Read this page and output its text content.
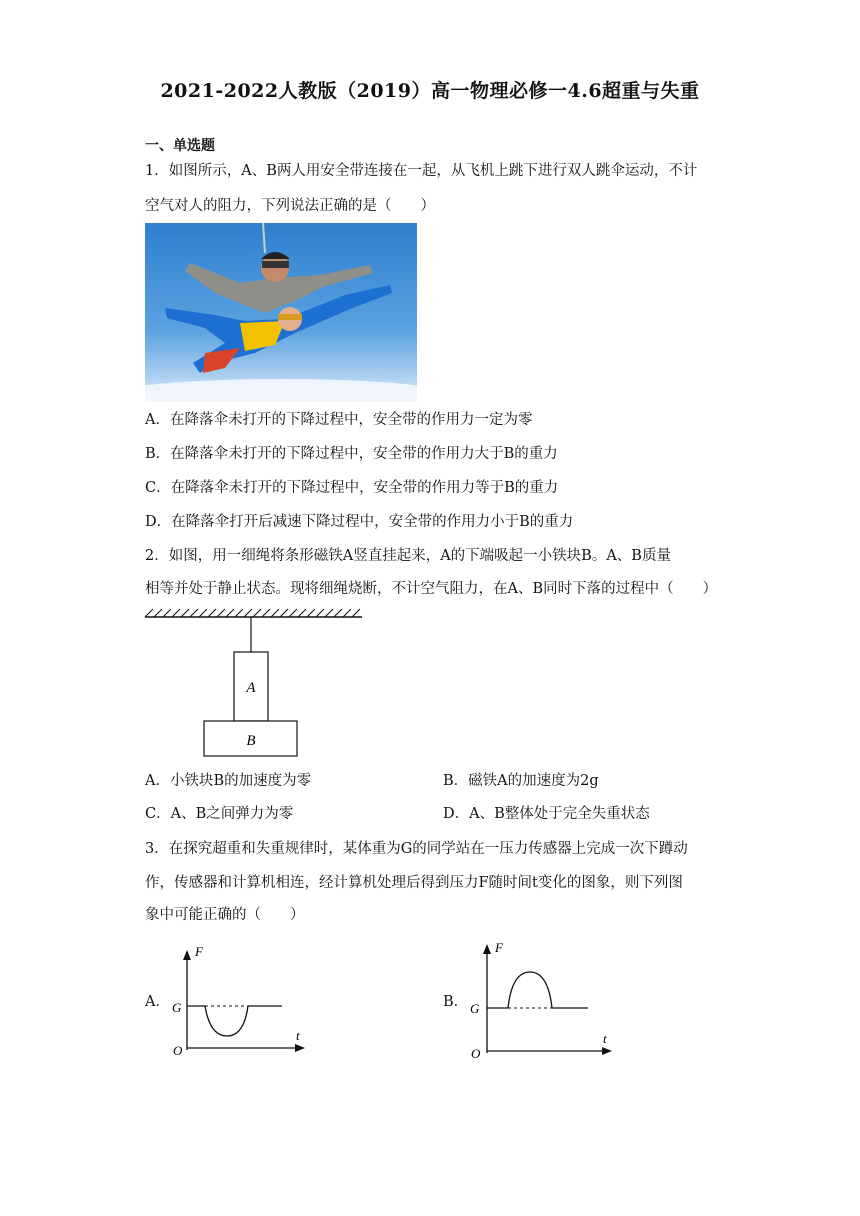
2021-2022人教版（2019）高一物理必修一4.6超重与失重
一、单选题
1．如图所示，A、B两人用安全带连接在一起，从飞机上跳下进行双人跳伞运动，不计
空气对人的阻力，下列说法正确的是（　　）
A．在降落伞未打开的下降过程中，安全带的作用力一定为零
B．在降落伞未打开的下降过程中，安全带的作用力大于B的重力
C．在降落伞未打开的下降过程中，安全带的作用力等于B的重力
D．在降落伞打开后减速下降过程中，安全带的作用力小于B的重力
2．如图，用一细绳将条形磁铁A竖直挂起来，A的下端吸起一小铁块B。A、B质量
相等并处于静止状态。现将细绳烧断，不计空气阻力，在A、B同时下落的过程中（　　）
A
B
A．小铁块B的加速度为零	B．磁铁A的加速度为2g
C．A、B之间弹力为零	D．A、B整体处于完全失重状态
3．在探究超重和失重规律时，某体重为G的同学站在一压力传感器上完成一次下蹲动
作，传感器和计算机相连，经计算机处理后得到压力F随时间t变化的图象，则下列图
象中可能正确的（　　）
A．
F
t
G
O
B．
F
t
G
O
